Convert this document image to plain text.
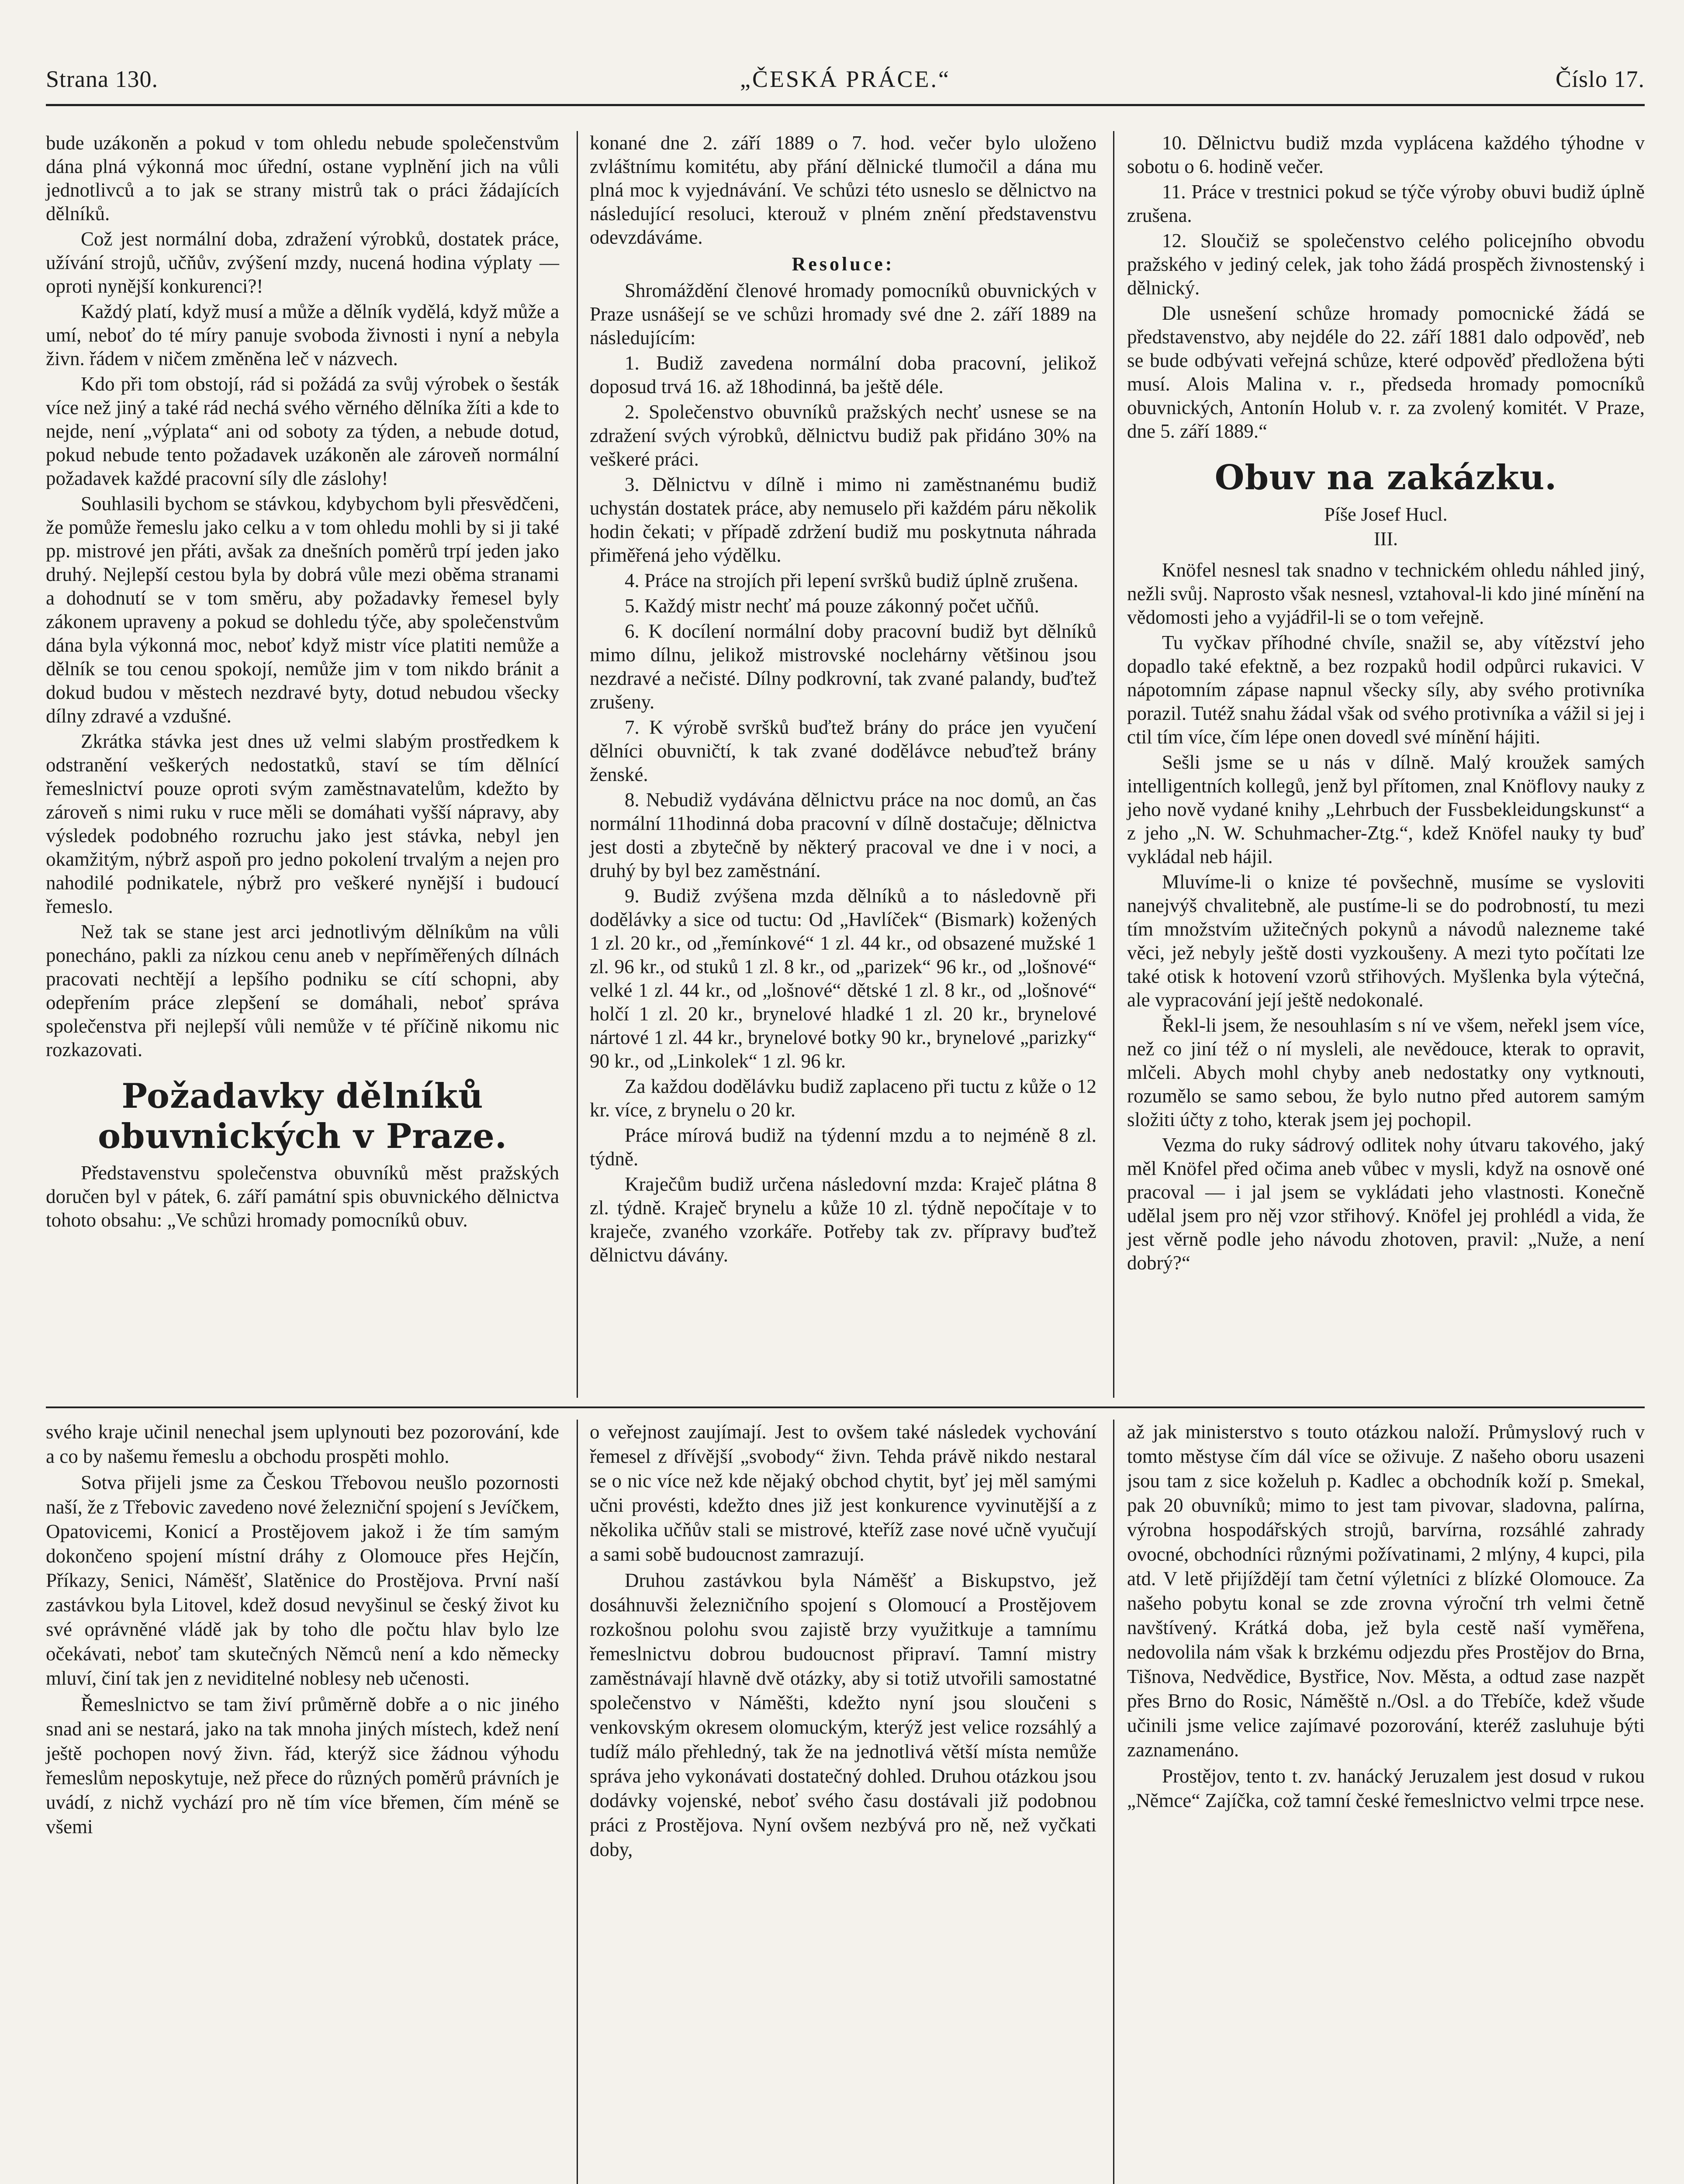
Strana 130.	„ČESKÁ PRÁCE.“	Číslo 17.

bude uzákoněn a pokud v tom ohledu nebude společenstvům dána plná výkonná moc úřední, ostane vyplnění jich na vůli jednotlivců a to jak se strany mistrů tak o práci žádajících dělníků.

Což jest normální doba, zdražení výrobků, dostatek práce, užívání strojů, učňův, zvýšení mzdy, nucená hodina výplaty — oproti nynější konkurenci?!

Každý platí, když musí a může a dělník vydělá, když může a umí, neboť do té míry panuje svoboda živnosti i nyní a nebyla živn. řádem v ničem změněna leč v názvech.

Kdo při tom obstojí, rád si požádá za svůj výrobek o šesták více než jiný a také rád nechá svého věrného dělníka žíti a kde to nejde, není „výplata“ ani od soboty za týden, a nebude dotud, pokud nebude tento požadavek uzákoněn ale zároveň normální požadavek každé pracovní síly dle záslohy!

Souhlasili bychom se stávkou, kdybychom byli přesvědčeni, že pomůže řemeslu jako celku a v tom ohledu mohli by si ji také pp. mistrové jen přáti, avšak za dnešních poměrů trpí jeden jako druhý. Nejlepší cestou byla by dobrá vůle mezi oběma stranami a dohodnutí se v tom směru, aby požadavky řemesel byly zákonem upraveny a pokud se dohledu týče, aby společenstvům dána byla výkonná moc, neboť když mistr více platiti nemůže a dělník se tou cenou spokojí, nemůže jim v tom nikdo bránit a dokud budou v městech nezdravé byty, dotud nebudou všecky dílny zdravé a vzdušné.

Zkrátka stávka jest dnes už velmi slabým prostředkem k odstranění veškerých nedostatků, staví se tím dělnící řemeslnictví pouze oproti svým zaměstnavatelům, kdežto by zároveň s nimi ruku v ruce měli se domáhati vyšší nápravy, aby výsledek podobného rozruchu jako jest stávka, nebyl jen okamžitým, nýbrž aspoň pro jedno pokolení trvalým a nejen pro nahodilé podnikatele, nýbrž pro veškeré nynější i budoucí řemeslo.

Než tak se stane jest arci jednotlivým dělníkům na vůli ponecháno, pakli za nízkou cenu aneb v nepříměřených dílnách pracovati nechtějí a lepšího podniku se cítí schopni, aby odepřením práce zlepšení se domáhali, neboť správa společenstva při nejlepší vůli nemůže v té příčině nikomu nic rozkazovati.

Požadavky dělníků obuvnických v Praze.

Představenstvu společenstva obuvníků měst pražských doručen byl v pátek, 6. září památní spis obuvnického dělnictva tohoto obsahu: „Ve schůzi hromady pomocníků obuv.

konané dne 2. září 1889 o 7. hod. večer bylo uloženo zvláštnímu komitétu, aby přání dělnické tlumočil a dána mu plná moc k vyjednávání. Ve schůzi této usneslo se dělnictvo na následující resoluci, kterouž v plném znění představenstvu odevzdáváme.

Resoluce:

Shromáždění členové hromady pomocníků obuvnických v Praze usnášejí se ve schůzi hromady své dne 2. září 1889 na následujícím:

1. Budiž zavedena normální doba pracovní, jelikož doposud trvá 16. až 18hodinná, ba ještě déle.

2. Společenstvo obuvníků pražských nechť usnese se na zdražení svých výrobků, dělnictvu budiž pak přidáno 30% na veškeré práci.

3. Dělnictvu v dílně i mimo ni zaměstnanému budiž uchystán dostatek práce, aby nemuselo při každém páru několik hodin čekati; v případě zdržení budiž mu poskytnuta náhrada přiměřená jeho výdělku.

4. Práce na strojích při lepení svršků budiž úplně zrušena.

5. Každý mistr nechť má pouze zákonný počet učňů.

6. K docílení normální doby pracovní budiž byt dělníků mimo dílnu, jelikož mistrovské noclehárny většinou jsou nezdravé a nečisté. Dílny podkrovní, tak zvané palandy, buďtež zrušeny.

7. K výrobě svršků buďtež brány do práce jen vyučení dělníci obuvničtí, k tak zvané dodělávce nebuďtež brány ženské.

8. Nebudiž vydávána dělnictvu práce na noc domů, an čas normální 11hodinná doba pracovní v dílně dostačuje; dělnictva jest dosti a zbytečně by některý pracoval ve dne i v noci, a druhý by byl bez zaměstnání.

9. Budiž zvýšena mzda dělníků a to následovně při dodělávky a sice od tuctu: Od „Havlíček“ (Bismark) kožených 1 zl. 20 kr., od „řemínkové“ 1 zl. 44 kr., od obsazené mužské 1 zl. 96 kr., od stuků 1 zl. 8 kr., od „parizek“ 96 kr., od „lošnové“ velké 1 zl. 44 kr., od „lošnové“ dětské 1 zl. 8 kr., od „lošnové“ holčí 1 zl. 20 kr., brynelové hladké 1 zl. 20 kr., brynelové nártové 1 zl. 44 kr., brynelové botky 90 kr., brynelové „parizky“ 90 kr., od „Linkolek“ 1 zl. 96 kr.

Za každou dodělávku budiž zaplaceno při tuctu z kůže o 12 kr. více, z brynelu o 20 kr.

Práce mírová budiž na týdenní mzdu a to nejméně 8 zl. týdně.

Kraječům budiž určena následovní mzda: Kraječ plátna 8 zl. týdně. Kraječ brynelu a kůže 10 zl. týdně nepočítaje v to kraječe, zvaného vzorkáře. Potřeby tak zv. přípravy buďtež dělnictvu dávány.

10. Dělnictvu budiž mzda vyplácena každého týhodne v sobotu o 6. hodině večer.

11. Práce v trestnici pokud se týče výroby obuvi budiž úplně zrušena.

12. Sloučiž se společenstvo celého policejního obvodu pražského v jediný celek, jak toho žádá prospěch živnostenský i dělnický.

Dle usnešení schůze hromady pomocnické žádá se představenstvo, aby nejdéle do 22. září 1881 dalo odpověď, neb se bude odbývati veřejná schůze, které odpověď předložena býti musí. Alois Malina v. r., předseda hromady pomocníků obuvnických, Antonín Holub v. r. za zvolený komitét. V Praze, dne 5. září 1889.“

Obuv na zakázku.
Píše Josef Hucl.
III.

Knöfel nesnesl tak snadno v technickém ohledu náhled jiný, nežli svůj. Naprosto však nesnesl, vztahoval-li kdo jiné mínění na vědomosti jeho a vyjádřil-li se o tom veřejně.

Tu vyčkav příhodné chvíle, snažil se, aby vítězství jeho dopadlo také efektně, a bez rozpaků hodil odpůrci rukavici. V nápotomním zápase napnul všecky síly, aby svého protivníka porazil. Tutéž snahu žádal však od svého protivníka a vážil si jej i ctil tím více, čím lépe onen dovedl své mínění hájiti.

Sešli jsme se u nás v dílně. Malý kroužek samých intelligentních kollegů, jenž byl přítomen, znal Knöflovy nauky z jeho nově vydané knihy „Lehrbuch der Fussbekleidungskunst“ a z jeho „N. W. Schuhmacher-Ztg.“, kdež Knöfel nauky ty buď vykládal neb hájil.

Mluvíme-li o knize té povšechně, musíme se vysloviti nanejvýš chvalitebně, ale pustíme-li se do podrobností, tu mezi tím množstvím užitečných pokynů a návodů nalezneme také věci, jež nebyly ještě dosti vyzkoušeny. A mezi tyto počítati lze také otisk k hotovení vzorů střihových. Myšlenka byla výtečná, ale vypracování její ještě nedokonalé.

Řekl-li jsem, že nesouhlasím s ní ve všem, neřekl jsem více, než co jiní též o ní mysleli, ale nevědouce, kterak to opravit, mlčeli. Abych mohl chyby aneb nedostatky ony vytknouti, rozumělo se samo sebou, že bylo nutno před autorem samým složiti účty z toho, kterak jsem jej pochopil.

Vezma do ruky sádrový odlitek nohy útvaru takového, jaký měl Knöfel před očima aneb vůbec v mysli, když na osnově oné pracoval — i jal jsem se vykládati jeho vlastnosti. Konečně udělal jsem pro něj vzor střihový. Knöfel jej prohlédl a vida, že jest věrně podle jeho návodu zhotoven, pravil: „Nuže, a není dobrý?“

svého kraje učinil nenechal jsem uplynouti bez pozorování, kde a co by našemu řemeslu a obchodu prospěti mohlo.

Sotva přijeli jsme za Českou Třebovou neušlo pozornosti naší, že z Třebovic zavedeno nové železniční spojení s Jevíčkem, Opatovicemi, Konicí a Prostějovem jakož i že tím samým dokončeno spojení místní dráhy z Olomouce přes Hejčín, Příkazy, Senici, Náměšť, Slatěnice do Prostějova. První naší zastávkou byla Litovel, kdež dosud nevyšinul se český život ku své oprávněné vládě jak by toho dle počtu hlav bylo lze očekávati, neboť tam skutečných Němců není a kdo německy mluví, činí tak jen z neviditelné noblesy neb učenosti.

Řemeslnictvo se tam živí průměrně dobře a o nic jiného snad ani se nestará, jako na tak mnoha jiných místech, kdež není ještě pochopen nový živn. řád, kterýž sice žádnou výhodu řemeslům neposkytuje, než přece do různých poměrů právních je uvádí, z nichž vychází pro ně tím více břemen, čím méně se všemi

o veřejnost zaujímají. Jest to ovšem také následek vychování řemesel z dřívější „svobody“ živn. Tehda právě nikdo nestaral se o nic více než kde nějaký obchod chytit, byť jej měl samými učni provésti, kdežto dnes již jest konkurence vyvinutější a z několika učňův stali se mistrové, kteříž zase nové učně vyučují a sami sobě budoucnost zamrazují.

Druhou zastávkou byla Náměšť a Biskupstvo, jež dosáhnuvši železničního spojení s Olomoucí a Prostějovem rozkošnou polohu svou zajistě brzy využitkuje a tamnímu řemeslnictvu dobrou budoucnost připraví. Tamní mistry zaměstnávají hlavně dvě otázky, aby si totiž utvořili samostatné společenstvo v Náměšti, kdežto nyní jsou sloučeni s venkovským okresem olomuckým, kterýž jest velice rozsáhlý a tudíž málo přehledný, tak že na jednotlivá větší místa nemůže správa jeho vykonávati dostatečný dohled. Druhou otázkou jsou dodávky vojenské, neboť svého času dostávali již podobnou práci z Prostějova. Nyní ovšem nezbývá pro ně, než vyčkati doby,

až jak ministerstvo s touto otázkou naloží. Průmyslový ruch v tomto městyse čím dál více se oživuje. Z našeho oboru usazeni jsou tam z sice koželuh p. Kadlec a obchodník koží p. Smekal, pak 20 obuvníků; mimo to jest tam pivovar, sladovna, palírna, výrobna hospodářských strojů, barvírna, rozsáhlé zahrady ovocné, obchodníci různými požívatinami, 2 mlýny, 4 kupci, pila atd. V letě přijíždějí tam četní výletníci z blízké Olomouce. Za našeho pobytu konal se zde zrovna výroční trh velmi četně navštívený. Krátká doba, jež byla cestě naší vyměřena, nedovolila nám však k brzkému odjezdu přes Prostějov do Brna, Tišnova, Nedvědice, Bystřice, Nov. Města, a odtud zase nazpět přes Brno do Rosic, Náměště n./Osl. a do Třebíče, kdež všude učinili jsme velice zajímavé pozorování, kteréž zasluhuje býti zaznamenáno.

Prostějov, tento t. zv. hanácký Jeruzalem jest dosud v rukou „Němce“ Zajíčka, což tamní české řemeslnictvo velmi trpce nese.
